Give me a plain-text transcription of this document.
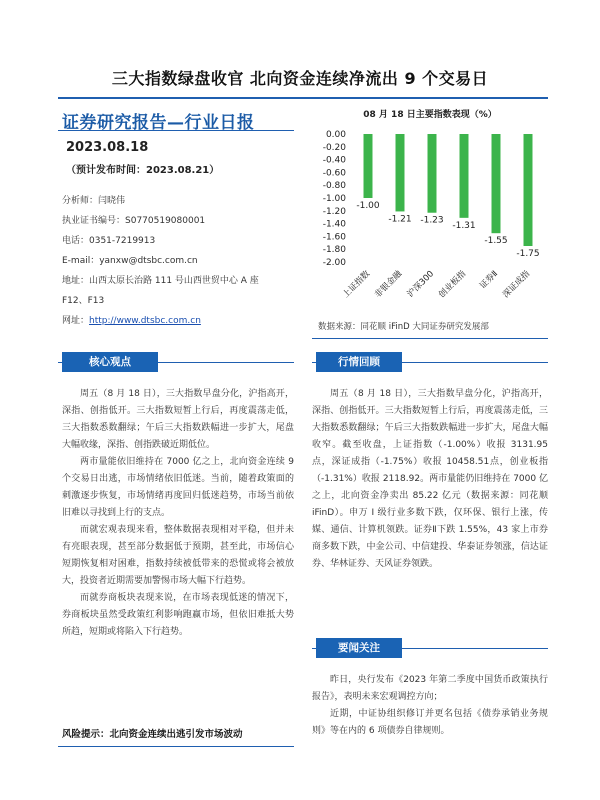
三大指数绿盘收官 北向资金连续净流出 9 个交易日
证券研究报告—行业日报
2023.08.18
（预计发布时间：2023.08.21）
分析师：闫晓伟
执业证书编号：S0770519080001
电话：0351-7219913
E-mail：yanxw@dtsbc.com.cn
地址：山西太原长治路 111 号山西世贸中心 A 座
F12、F13
网址：http://www.dtsbc.com.cn
08 月 18 日主要指数表现（%）
0.00
-0.20
-0.40
-0.60
-0.80
-1.00
-1.20
-1.40
-1.60
-1.80
-2.00
-1.00
上证指数
-1.21
非银金融
-1.23
沪深300
-1.31
创业板指
-1.55
证券Ⅱ
-1.75
深证成指
数据来源：同花顺 iFinD 大同证券研究发展部
核心观点

周五（8 月 18 日），三大指数早盘分化，沪指高开，深指、创指低开。三大指数短暂上行后，再度震荡走低，三大指数悉数翻绿；午后三大指数跌幅进一步扩大，尾盘大幅收缘，深指、创指跌破近期低位。

两市量能依旧维持在 7000 亿之上，北向资金连续 9 个交易日出逃，市场情绪依旧低迷。当前，随着政策面的刺激逐步恢复，市场情绪再度回归低迷趋势，市场当前依旧难以寻找到上行的支点。

而就宏观表现来看，整体数据表现相对平稳，但并未有亮眼表现，甚至部分数据低于预期，甚至此，市场信心短期恢复相对困难，指数持续被低带来的恐慌或将会被放大，投资者近期需要加警惕市场大幅下行趋势。

而就券商板块表现来说，在市场表现低迷的情况下，券商板块虽然受政策红利影响跑赢市场，但依旧难抵大势所趋，短期或将陷入下行趋势。

风险提示：北向资金连续出逃引发市场波动
行情回顾

周五（8 月 18 日），三大指数早盘分化，沪指高开，深指、创指低开。三大指数短暂上行后，再度震荡走低，三大指数悉数翻绿；午后三大指数跌幅进一步扩大，尾盘大幅收窄。截至收盘，上证指数（-1.00%）收报 3131.95 点，深证成指（-1.75%）收报 10458.51点，创业板指（-1.31%）收报 2118.92。两市量能仍旧维持在 7000 亿之上，北向资金净卖出 85.22 亿元（数据来源：同花顺 iFinD）。申万 I 级行业多数下跌，仅环保、银行上涨，传媒、通信、计算机领跌。证券Ⅱ下跌 1.55%，43 家上市券商多数下跌，中金公司、中信建投、华泰证券领涨，信达证券、华林证券、天风证券领跌。

要闻关注

昨日，央行发布《2023 年第二季度中国货币政策执行报告》，表明未来宏观调控方向；

近期，中证协组织修订并更名包括《债券承销业务规则》等在内的 6 项债券自律规则。
